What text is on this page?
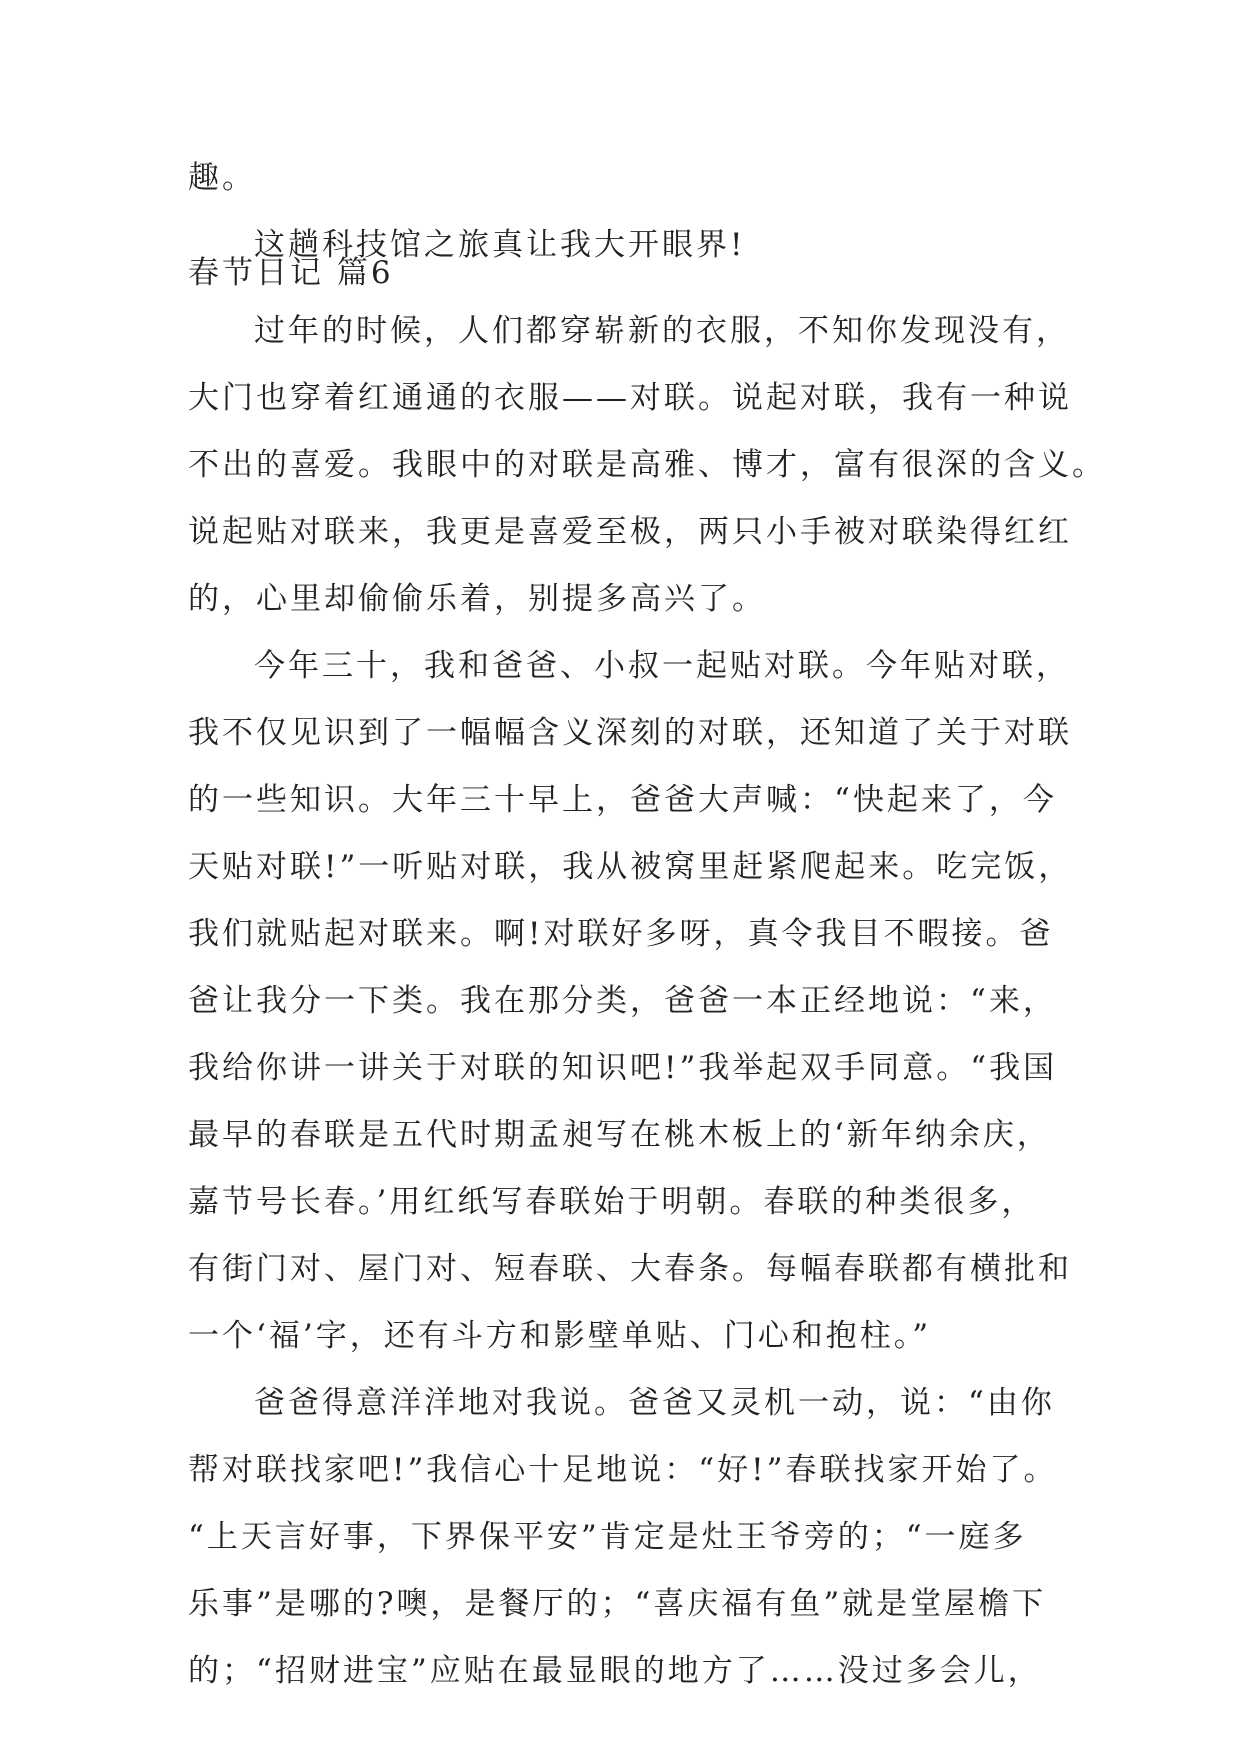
趣。

这趟科技馆之旅真让我大开眼界!

春节日记 篇6

过年的时候，人们都穿崭新的衣服，不知你发现没有，

大门也穿着红通通的衣服——对联。说起对联，我有一种说

不出的喜爱。我眼中的对联是高雅、博才，富有很深的含义。

说起贴对联来，我更是喜爱至极，两只小手被对联染得红红

的，心里却偷偷乐着，别提多高兴了。

今年三十，我和爸爸、小叔一起贴对联。今年贴对联，

我不仅见识到了一幅幅含义深刻的对联，还知道了关于对联

的一些知识。大年三十早上，爸爸大声喊：“快起来了，今

天贴对联!”一听贴对联，我从被窝里赶紧爬起来。吃完饭，

我们就贴起对联来。啊!对联好多呀，真令我目不暇接。爸

爸让我分一下类。我在那分类，爸爸一本正经地说：“来，

我给你讲一讲关于对联的知识吧!”我举起双手同意。“我国

最早的春联是五代时期孟昶写在桃木板上的‘新年纳余庆，

嘉节号长春。’用红纸写春联始于明朝。春联的种类很多，

有街门对、屋门对、短春联、大春条。每幅春联都有横批和

一个‘福’字，还有斗方和影壁单贴、门心和抱柱。”

爸爸得意洋洋地对我说。爸爸又灵机一动，说：“由你

帮对联找家吧!”我信心十足地说：“好!”春联找家开始了。

“上天言好事，下界保平安”肯定是灶王爷旁的；“一庭多

乐事”是哪的?噢，是餐厅的；“喜庆福有鱼”就是堂屋檐下

的；“招财进宝”应贴在最显眼的地方了……没过多会儿，
